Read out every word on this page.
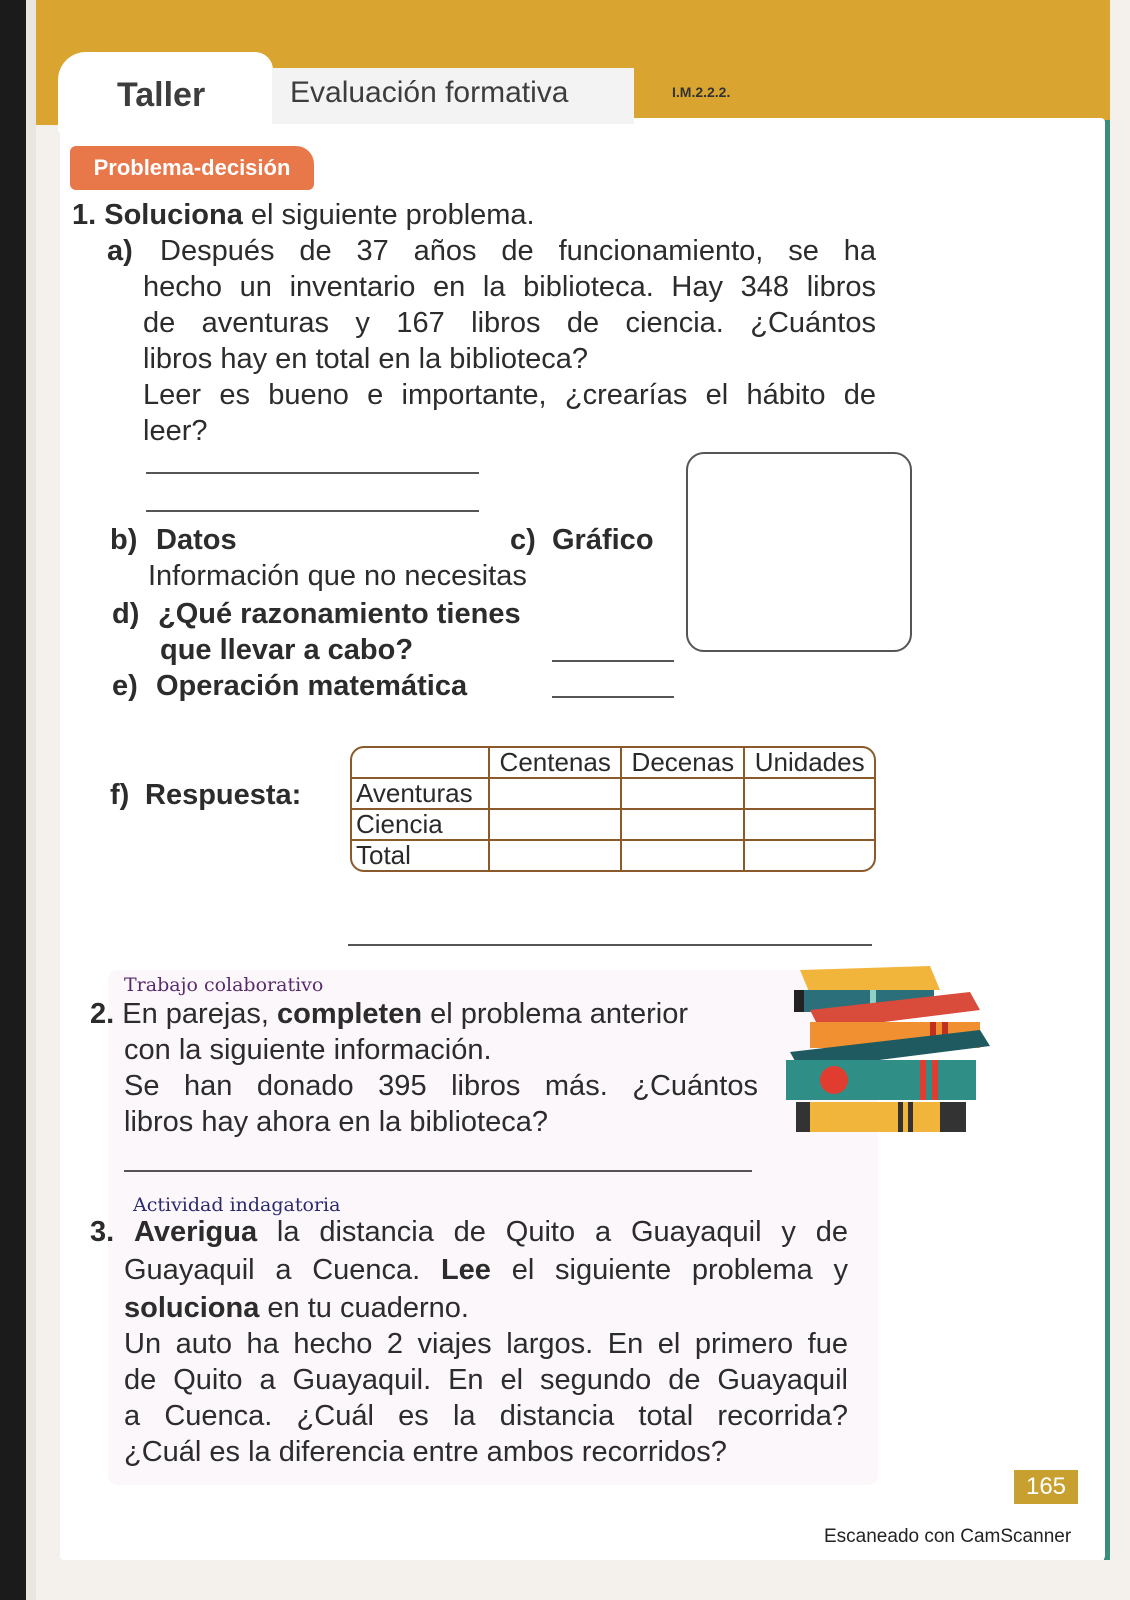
Taller	Evaluación formativa	I.M.2.2.2.
Problema-decisión
1. Soluciona el siguiente problema.
a) Después de 37 años de funcionamiento, se ha
hecho un inventario en la biblioteca. Hay 348 libros
de aventuras y 167 libros de ciencia. ¿Cuántos
libros hay en total en la biblioteca?
Leer es bueno e importante, ¿crearías el hábito de
leer?
b) Datos	c) Gráfico
Información que no necesitas
d) ¿Qué razonamiento tienes
que llevar a cabo?
e) Operación matemática
f) Respuesta:
	Centenas	Decenas	Unidades
Aventuras			
Ciencia			
Total			
Trabajo colaborativo
2. En parejas, completen el problema anterior
con la siguiente información.
Se han donado 395 libros más. ¿Cuántos
libros hay ahora en la biblioteca?
Actividad indagatoria
3. Averigua la distancia de Quito a Guayaquil y de
Guayaquil a Cuenca. Lee el siguiente problema y
soluciona en tu cuaderno.
Un auto ha hecho 2 viajes largos. En el primero fue
de Quito a Guayaquil. En el segundo de Guayaquil
a Cuenca. ¿Cuál es la distancia total recorrida?
¿Cuál es la diferencia entre ambos recorridos?
165
Escaneado con CamScanner
